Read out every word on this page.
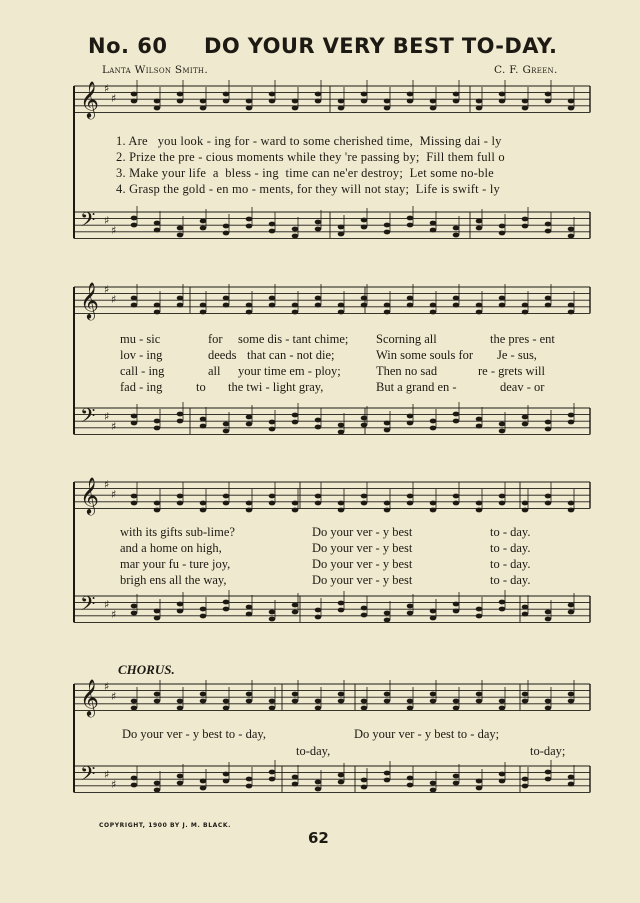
No. 60 DO YOUR VERY BEST TO-DAY.
Lanta Wilson Smith.	C. F. Green.
𝄞 ♯
♯
𝄢 ♯
♯
𝄞 ♯
♯
𝄢 ♯
♯
𝄞 ♯
♯
𝄢 ♯
♯
𝄞 ♯
♯
𝄢 ♯
♯
1. Are   you look - ing for - ward to some cherished time,  Missing dai - ly
2. Prize the pre - cious moments while they 're passing by;  Fill them full o
3. Make your life  a  bless - ing  time can ne'er destroy;  Let some no-ble
4. Grasp the gold - en mo - ments, for they will not stay;  Life is swift - ly
mu - sic	for some dis - tant chime; Scorning all	the pres - ent
lov - ing	deeds that can - not die;	Win some souls for Je - sus,
call - ing	all your time em - ploy;	Then no sad	re - grets will
fad - ing	to the twi - light gray,	But a grand en -	deav - or
with its gifts sub-lime?	Do your ver - y best	to - day.
and a home on high,	Do your ver - y best	to - day.
mar your fu - ture joy,	Do your ver - y best	to - day.
brigh ens all the way,	Do your ver - y best	to - day.
CHORUS.
Do your ver - y best to - day,	Do your ver - y best to - day;
to-day,	to-day;
COPYRIGHT, 1900 BY J. M. BLACK.
62
